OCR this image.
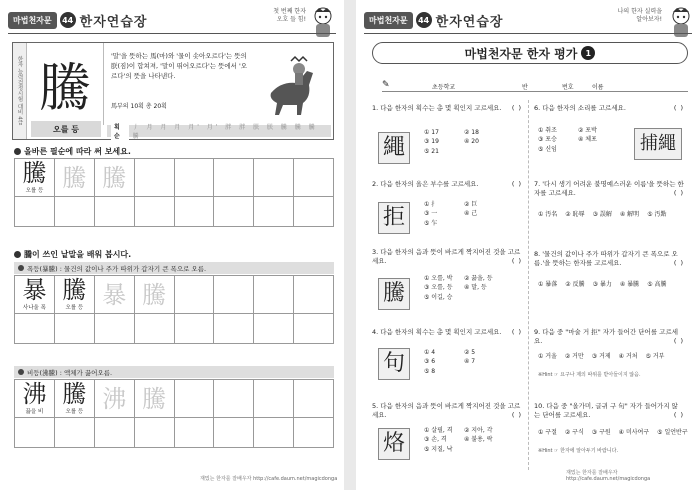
마법천자문	44 한자연습장
첫 번째 한자
오호 들 힘!
한자 능력검정시험 대비 4급 騰
오를 등
'말'을 뜻하는 馬(마)와 '물이 솟아오르다'는 뜻의 朕(짐)이 합쳐져, '말이 뛰어오르다'는 뜻에서 '오르다'의 뜻을 나타낸다.
馬부의 10획 총 20획
획순
丿 月 月 月 月' 月' 胖 胖 朕 朕 騰 騰 騰 騰
올바른 필순에 따라 써 보세요.
騰
오를 등 騰 騰
騰이 쓰인 낱말을 배워 봅시다.
폭등(暴騰) : 물건의 값이나 주가 따위가 갑자기 큰 폭으로 오름.
暴
사나울 폭
騰
오를 등 暴 騰
비등(沸騰) : 액체가 끓어오름.
沸
끓을 비
騰
오를 등 沸 騰
재밌는 한자를 잘배우자 http://cafe.daum.net/magicdonga
마법천자문	44 한자연습장
나의 한자 실력을
알아보자!
마법천자문 한자 평가	1
✎	초등학교	반	번호	이름
1. 다음 한자의 획수는 총 몇 획인지 고르세요. ( )
繩
① 17	② 18
③ 19	④ 20
⑤ 21
2. 다음 한자의 올은 부수를 고르세요.	( )
拒
① 扌	② 巨
③ 一	④ 己
⑤ 乍
3. 다음 한자의 음과 뜻이 바르게 짝지어진 것을 고르세요.	( )
騰
① 오를, 박	② 끓을, 등
③ 오를, 등	④ 말, 등
⑤ 이길, 승
4. 다음 한자의 획수는 총 몇 획인지 고르세요. ( )
句	① 4	② 5
③ 6	④ 7
⑤ 8
5. 다음 한자의 음과 뜻이 바르게 짝지어진 것을 고르세요.	( )
烙
① 살필, 격	② 지아, 각
③ 손, 격	④ 불용, 락
⑤ 지질, 낙
6. 다음 한자의 소리를 고르세요.	( )
① 취조	② 포박
③ 포승	④ 체포
⑤ 신임	捕繩
7. '다시 생기 어려운 불명예스러운 이름'을 뜻하는 한자를 고르세요.	( )
① 汚名 ② 恥辱 ③ 誤解 ④ 解明 ⑤ 汚點
8. '물건의 값이나 주가 따위가 갑자기 큰 폭으로 오름.'을 뜻하는 한자를 고르세요.	( )
① 暴落 ② 反騰 ③ 暴力 ④ 暴騰 ⑤ 高騰
9. 다음 중 "마술 거 拒" 자가 들어간 단어를 고르세요.	( )
① 거울 ② 거만 ③ 거제 ④ 거처 ⑤ 거부
※Hint ☞ 요구나 제의 따위를 받아들이지 않음.
10. 다음 중 "올가미, 글귀 구 句" 자가 들어가지 않는 단어를 고르세요.	( )
① 구절 ② 구식 ③ 구원 ④ 미사여구 ⑤ 일언반구
※Hint ☞ 한자에 알아두기 바랍니다.
재밌는 한자를 잘배우자 http://cafe.daum.net/magicdonga
